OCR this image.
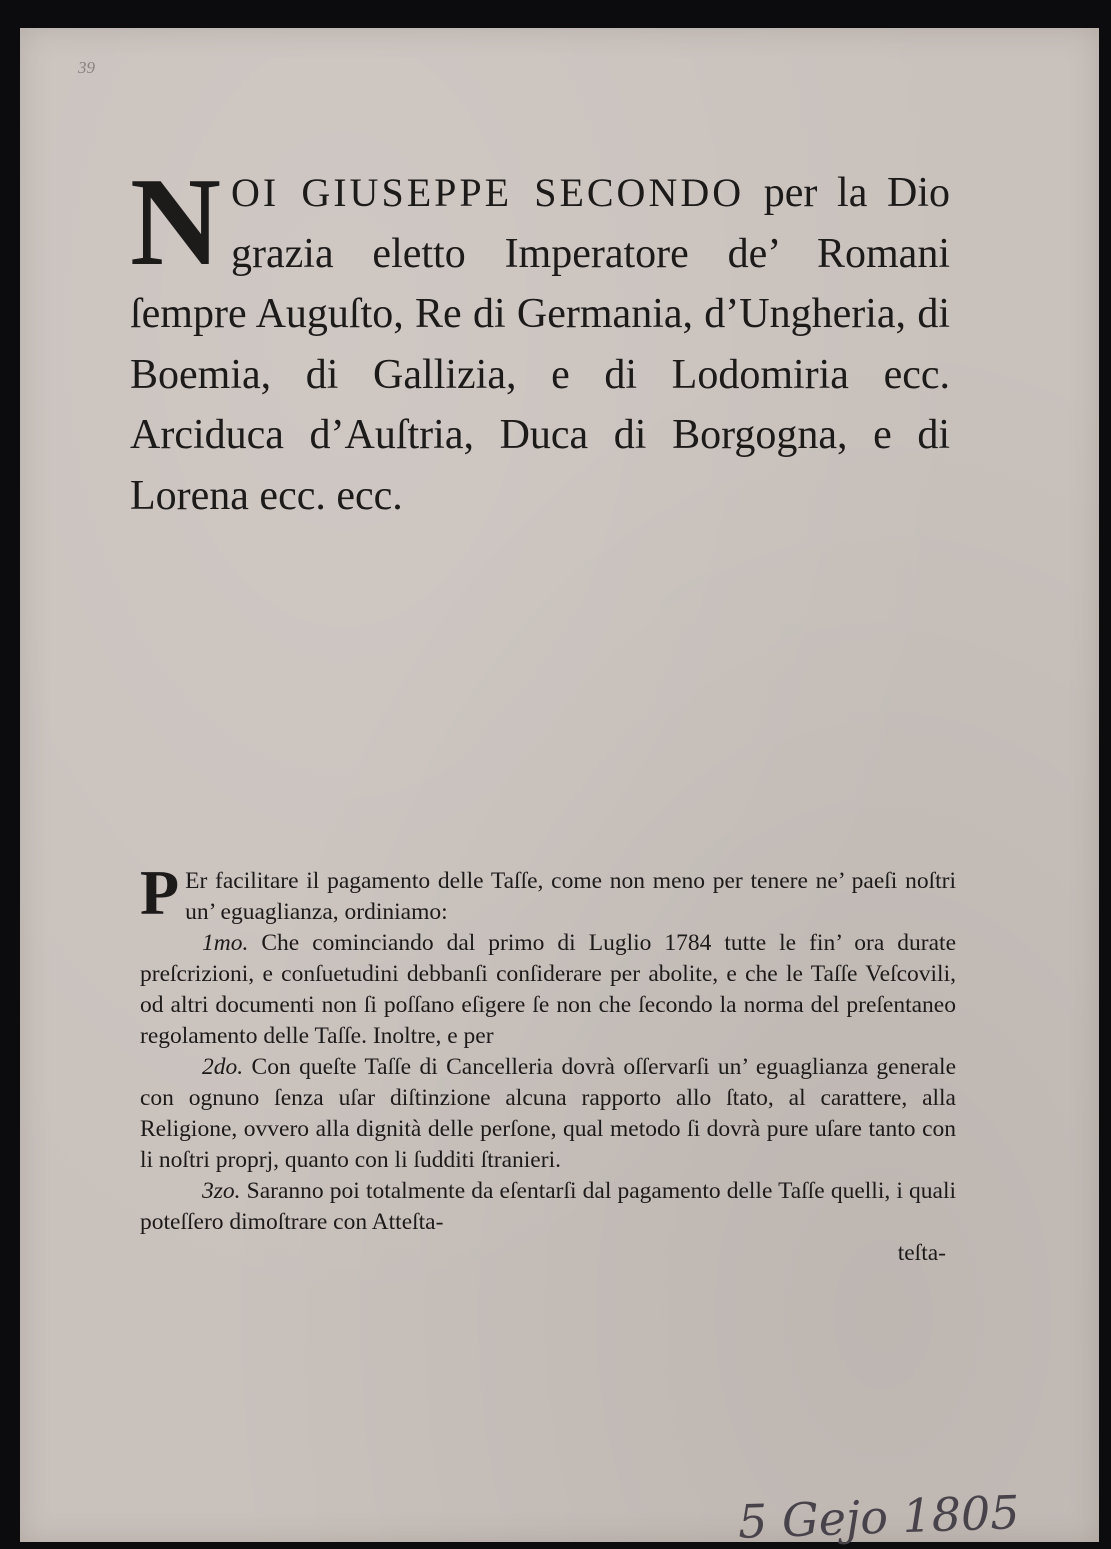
39
NOI GIUSEPPE SECONDO per la Dio grazia eletto Imperatore de’ Romani ſempre Auguſto, Re di Germania, d’Ungheria, di Boemia, di Gallizia, e di Lodomiria ecc. Arciduca d’Auſtria, Duca di Borgogna, e di Lorena ecc. ecc.

P Er facilitare il pagamento delle Taſſe, come non meno per tenere ne’ paeſi noſtri un’ eguaglianza, ordiniamo:

1mo. Che cominciando dal primo di Luglio 1784 tutte le fin’ ora durate preſcrizioni, e conſuetudini debbanſi conſiderare per abolite, e che le Taſſe Veſcovili, od altri documenti non ſi poſſano eſigere ſe non che ſecondo la norma del preſentaneo regolamento delle Taſſe. Inoltre, e per

2do. Con queſte Taſſe di Cancelleria dovrà oſſervarſi un’ eguaglianza generale con ognuno ſenza uſar diſtinzione alcuna rapporto allo ſtato, al carattere, alla Religione, ovvero alla dignità delle perſone, qual metodo ſi dovrà pure uſare tanto con li noſtri proprj, quanto con li ſudditi ſtranieri.

3zo. Saranno poi totalmente da eſentarſi dal pagamento delle Taſſe quelli, i quali poteſſero dimoſtrare con Atteſta-

teſta-

5 Gejo 1805
